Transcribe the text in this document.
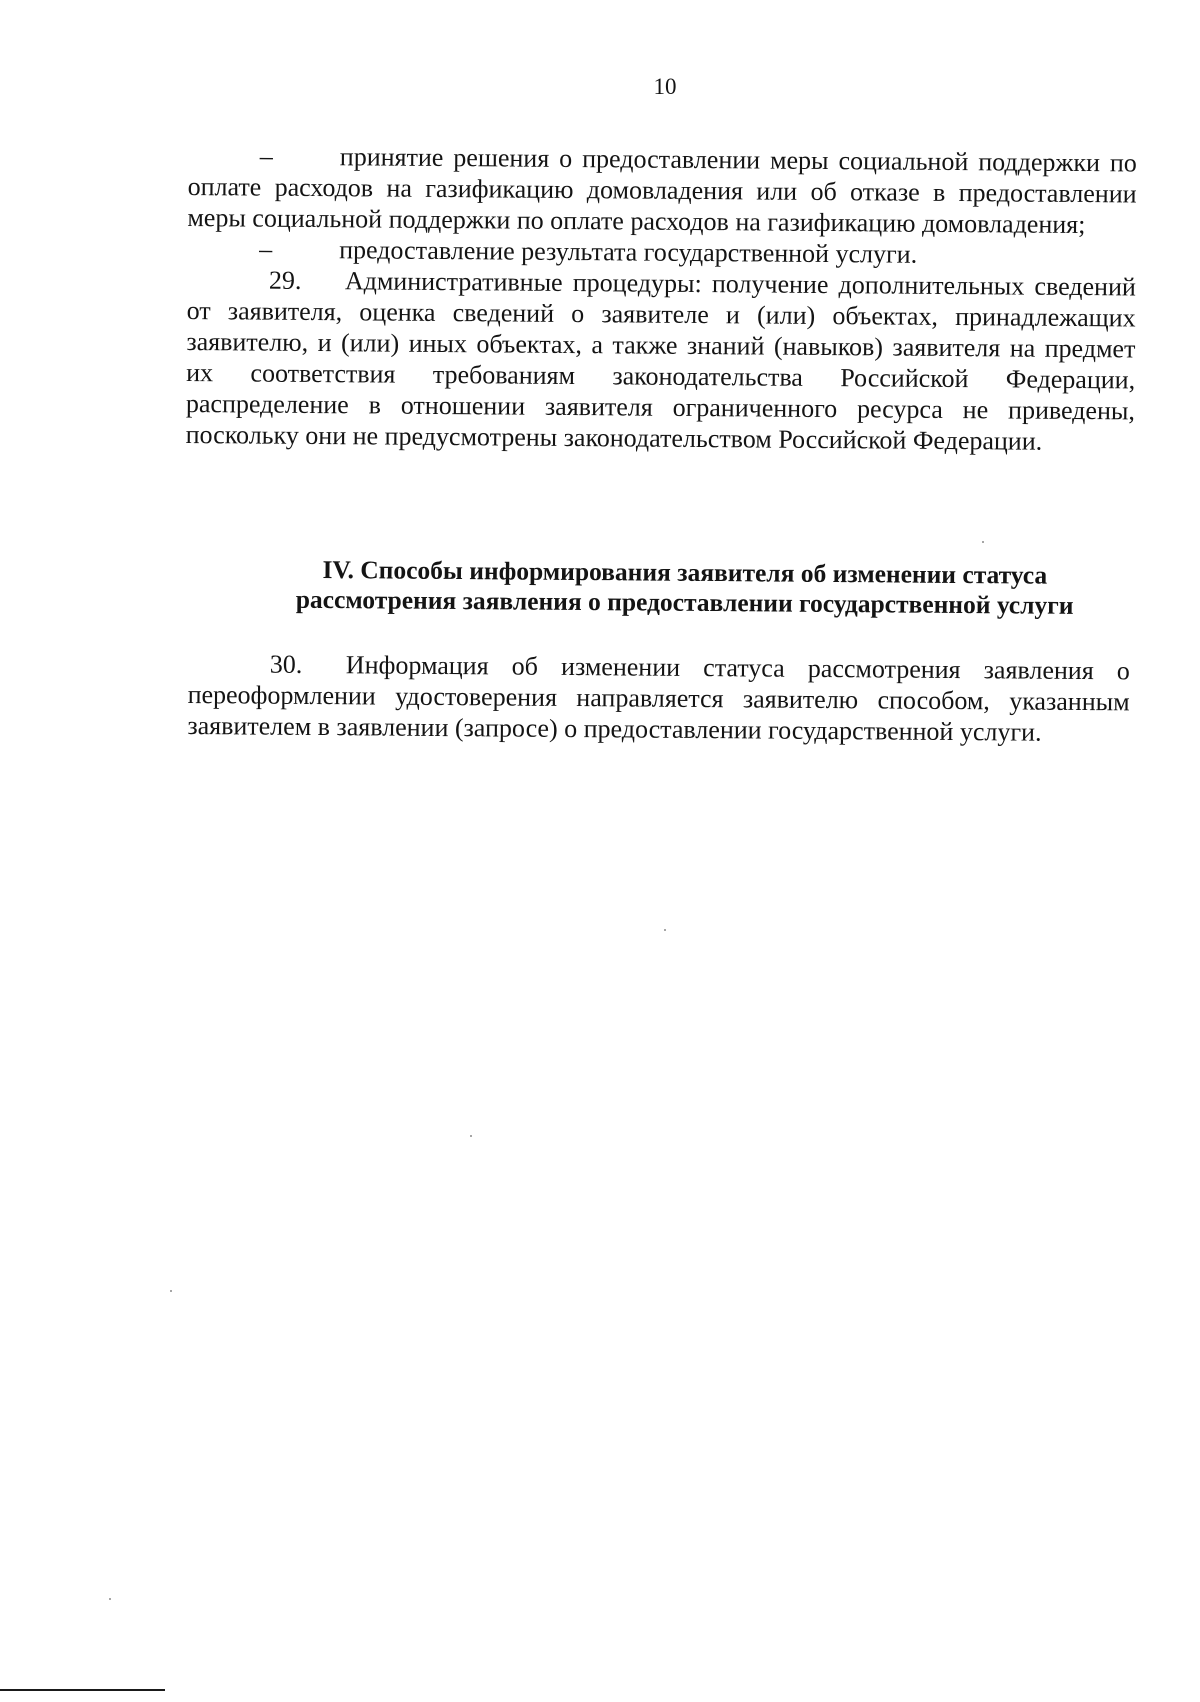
10

–	принятие решения о предоставлении меры социальной поддержки по оплате расходов на газификацию домовладения или об отказе в предоставлении меры социальной поддержки по оплате расходов на газификацию домовладения;

–	предоставление результата государственной услуги.

29. Административные процедуры: получение дополнительных сведений от заявителя, оценка сведений о заявителе и (или) объектах, принадлежащих заявителю, и (или) иных объектах, а также знаний (навыков) заявителя на предмет их соответствия требованиям законодательства Российской Федерации, распределение в отношении заявителя ограниченного ресурса не приведены, поскольку они не предусмотрены законодательством Российской Федерации.

IV. Способы информирования заявителя об изменении статуса
рассмотрения заявления о предоставлении государственной услуги

30. Информация об изменении статуса рассмотрения заявления о переоформлении удостоверения направляется заявителю способом, указанным заявителем в заявлении (запросе) о предоставлении государственной услуги.
